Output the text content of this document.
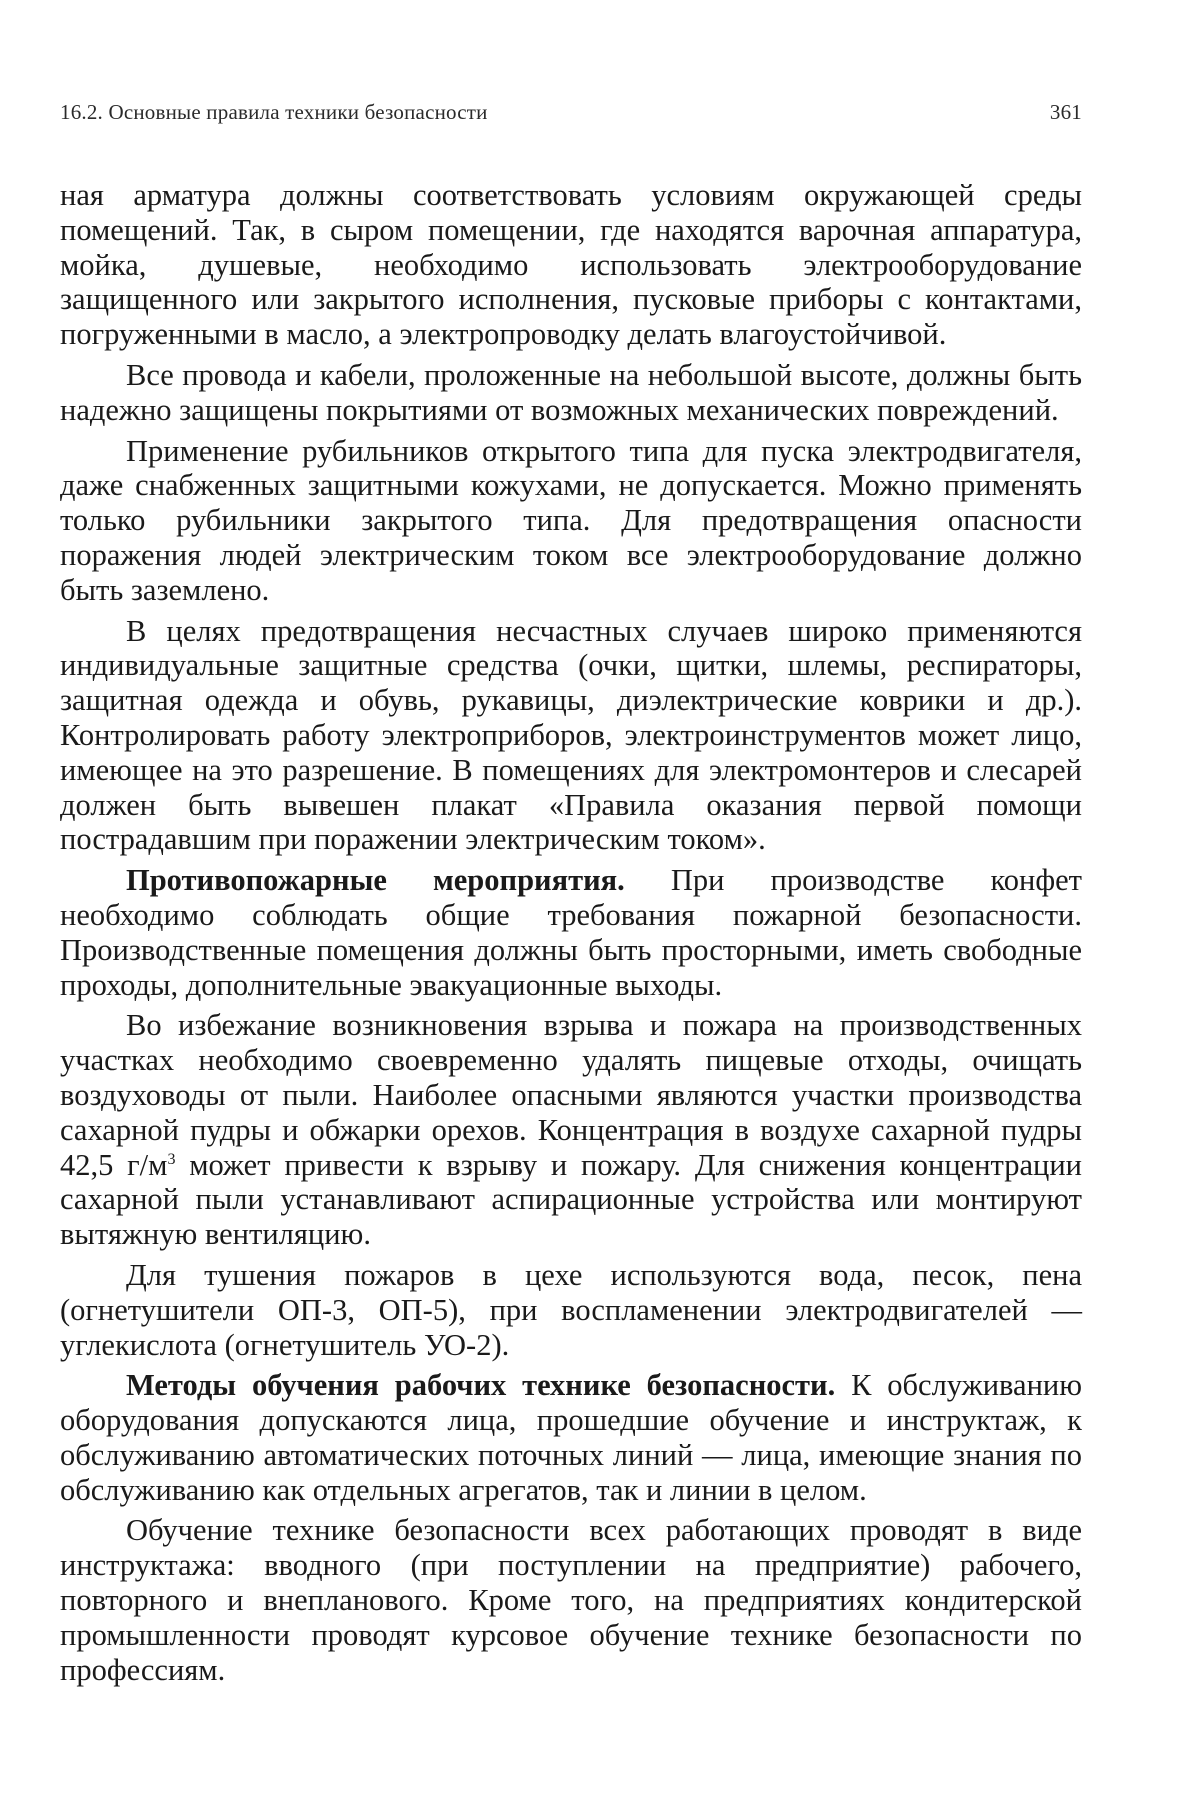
16.2. Основные правила техники безопасности	361

ная арматура должны соответствовать условиям окружающей среды помещений. Так, в сыром помещении, где находятся варочная аппаратура, мойка, душевые, необходимо использовать электрооборудование защищенного или закрытого исполнения, пусковые приборы с контактами, погруженными в масло, а электропроводку делать влагоустойчивой.

Все провода и кабели, проложенные на небольшой высоте, должны быть надежно защищены покрытиями от возможных механических повреждений.

Применение рубильников открытого типа для пуска электродвигателя, даже снабженных защитными кожухами, не допускается. Можно применять только рубильники закрытого типа. Для предотвращения опасности поражения людей электрическим током все электрооборудование должно быть заземлено.

В целях предотвращения несчастных случаев широко применяются индивидуальные защитные средства (очки, щитки, шлемы, респираторы, защитная одежда и обувь, рукавицы, диэлектрические коврики и др.). Контролировать работу электроприборов, электроинструментов может лицо, имеющее на это разрешение. В помещениях для электромонтеров и слесарей должен быть вывешен плакат «Правила оказания первой помощи пострадавшим при поражении электрическим током».

Противопожарные мероприятия. При производстве конфет необходимо соблюдать общие требования пожарной безопасности. Производственные помещения должны быть просторными, иметь свободные проходы, дополнительные эвакуационные выходы.

Во избежание возникновения взрыва и пожара на производственных участках необходимо своевременно удалять пищевые отходы, очищать воздуховоды от пыли. Наиболее опасными являются участки производства сахарной пудры и обжарки орехов. Концентрация в воздухе сахарной пудры 42,5 г/м3 может привести к взрыву и пожару. Для снижения концентрации сахарной пыли устанавливают аспирационные устройства или монтируют вытяжную вентиляцию.

Для тушения пожаров в цехе используются вода, песок, пена (огнетушители ОП-3, ОП-5), при воспламенении электродвигателей — углекислота (огнетушитель УО-2).

Методы обучения рабочих технике безопасности. К обслуживанию оборудования допускаются лица, прошедшие обучение и инструктаж, к обслуживанию автоматических поточных линий — лица, имеющие знания по обслуживанию как отдельных агрегатов, так и линии в целом.

Обучение технике безопасности всех работающих проводят в виде инструктажа: вводного (при поступлении на предприятие) рабочего, повторного и внепланового. Кроме того, на предприятиях кондитерской промышленности проводят курсовое обучение технике безопасности по профессиям.
